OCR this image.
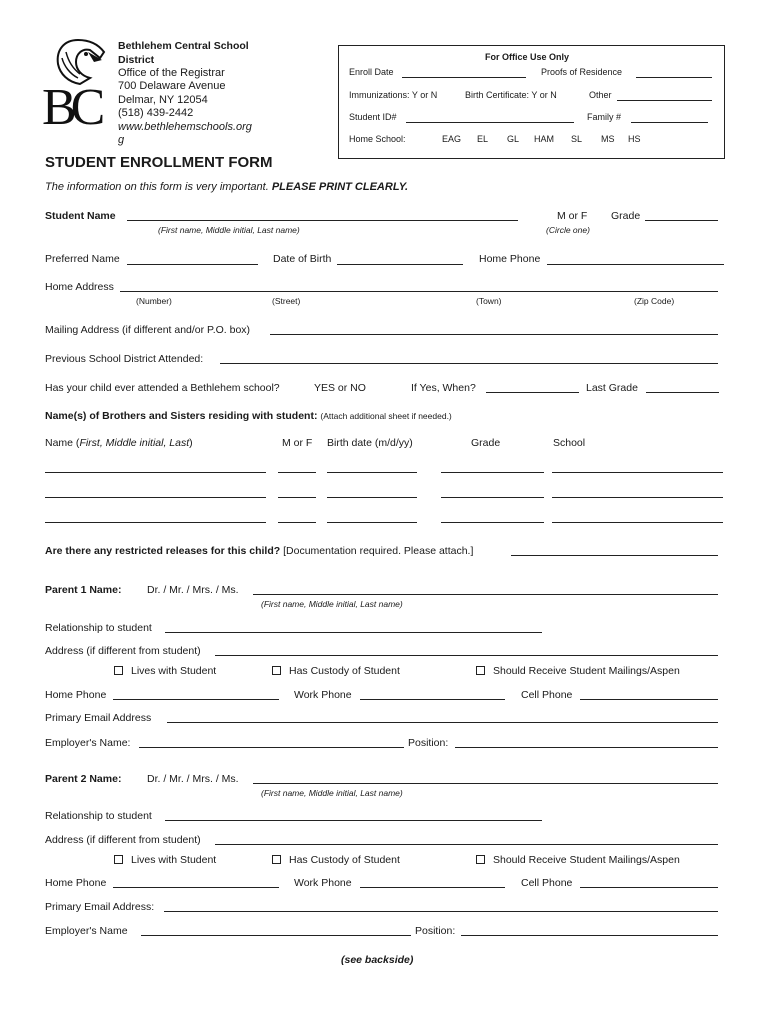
BC
Bethlehem Central School
District
Office of the Registrar
700 Delaware Avenue
Delmar, NY 12054
(518) 439-2442
www.bethlehemschools.org
g
For Office Use Only
Enroll Date	Proofs of Residence
Immunizations: Y or N	Birth Certificate: Y or N	Other
Student ID#	Family #
Home School:	EAG EL GL HAM SL MS HS
STUDENT ENROLLMENT FORM
The information on this form is very important. PLEASE PRINT CLEARLY.
Student Name
(First name, Middle initial, Last name)
M or F
(Circle one)
Grade
Preferred Name	Date of Birth	Home Phone
Home Address
(Number)	(Street)	(Town)	(Zip Code)
Mailing Address (if different and/or P.O. box)
Previous School District Attended:
Has your child ever attended a Bethlehem school?	YES or NO	If Yes, When?	Last Grade
Name(s) of Brothers and Sisters residing with student: (Attach additional sheet if needed.)
Name (First, Middle initial, Last)	M or F Birth date (m/d/yy)	Grade	School
Are there any restricted releases for this child? [Documentation required. Please attach.]
Parent 1 Name: Dr. / Mr. / Mrs. / Ms.
(First name, Middle initial, Last name)
Relationship to student
Address (if different from student)
Lives with Student	Has Custody of Student	Should Receive Student Mailings/Aspen
Home Phone	Work Phone	Cell Phone
Primary Email Address
Employer's Name:	Position:
Parent 2 Name: Dr. / Mr. / Mrs. / Ms.
(First name, Middle initial, Last name)
Relationship to student
Address (if different from student)
Lives with Student	Has Custody of Student	Should Receive Student Mailings/Aspen
Home Phone	Work Phone	Cell Phone
Primary Email Address:
Employer's Name	Position:
(see backside)
